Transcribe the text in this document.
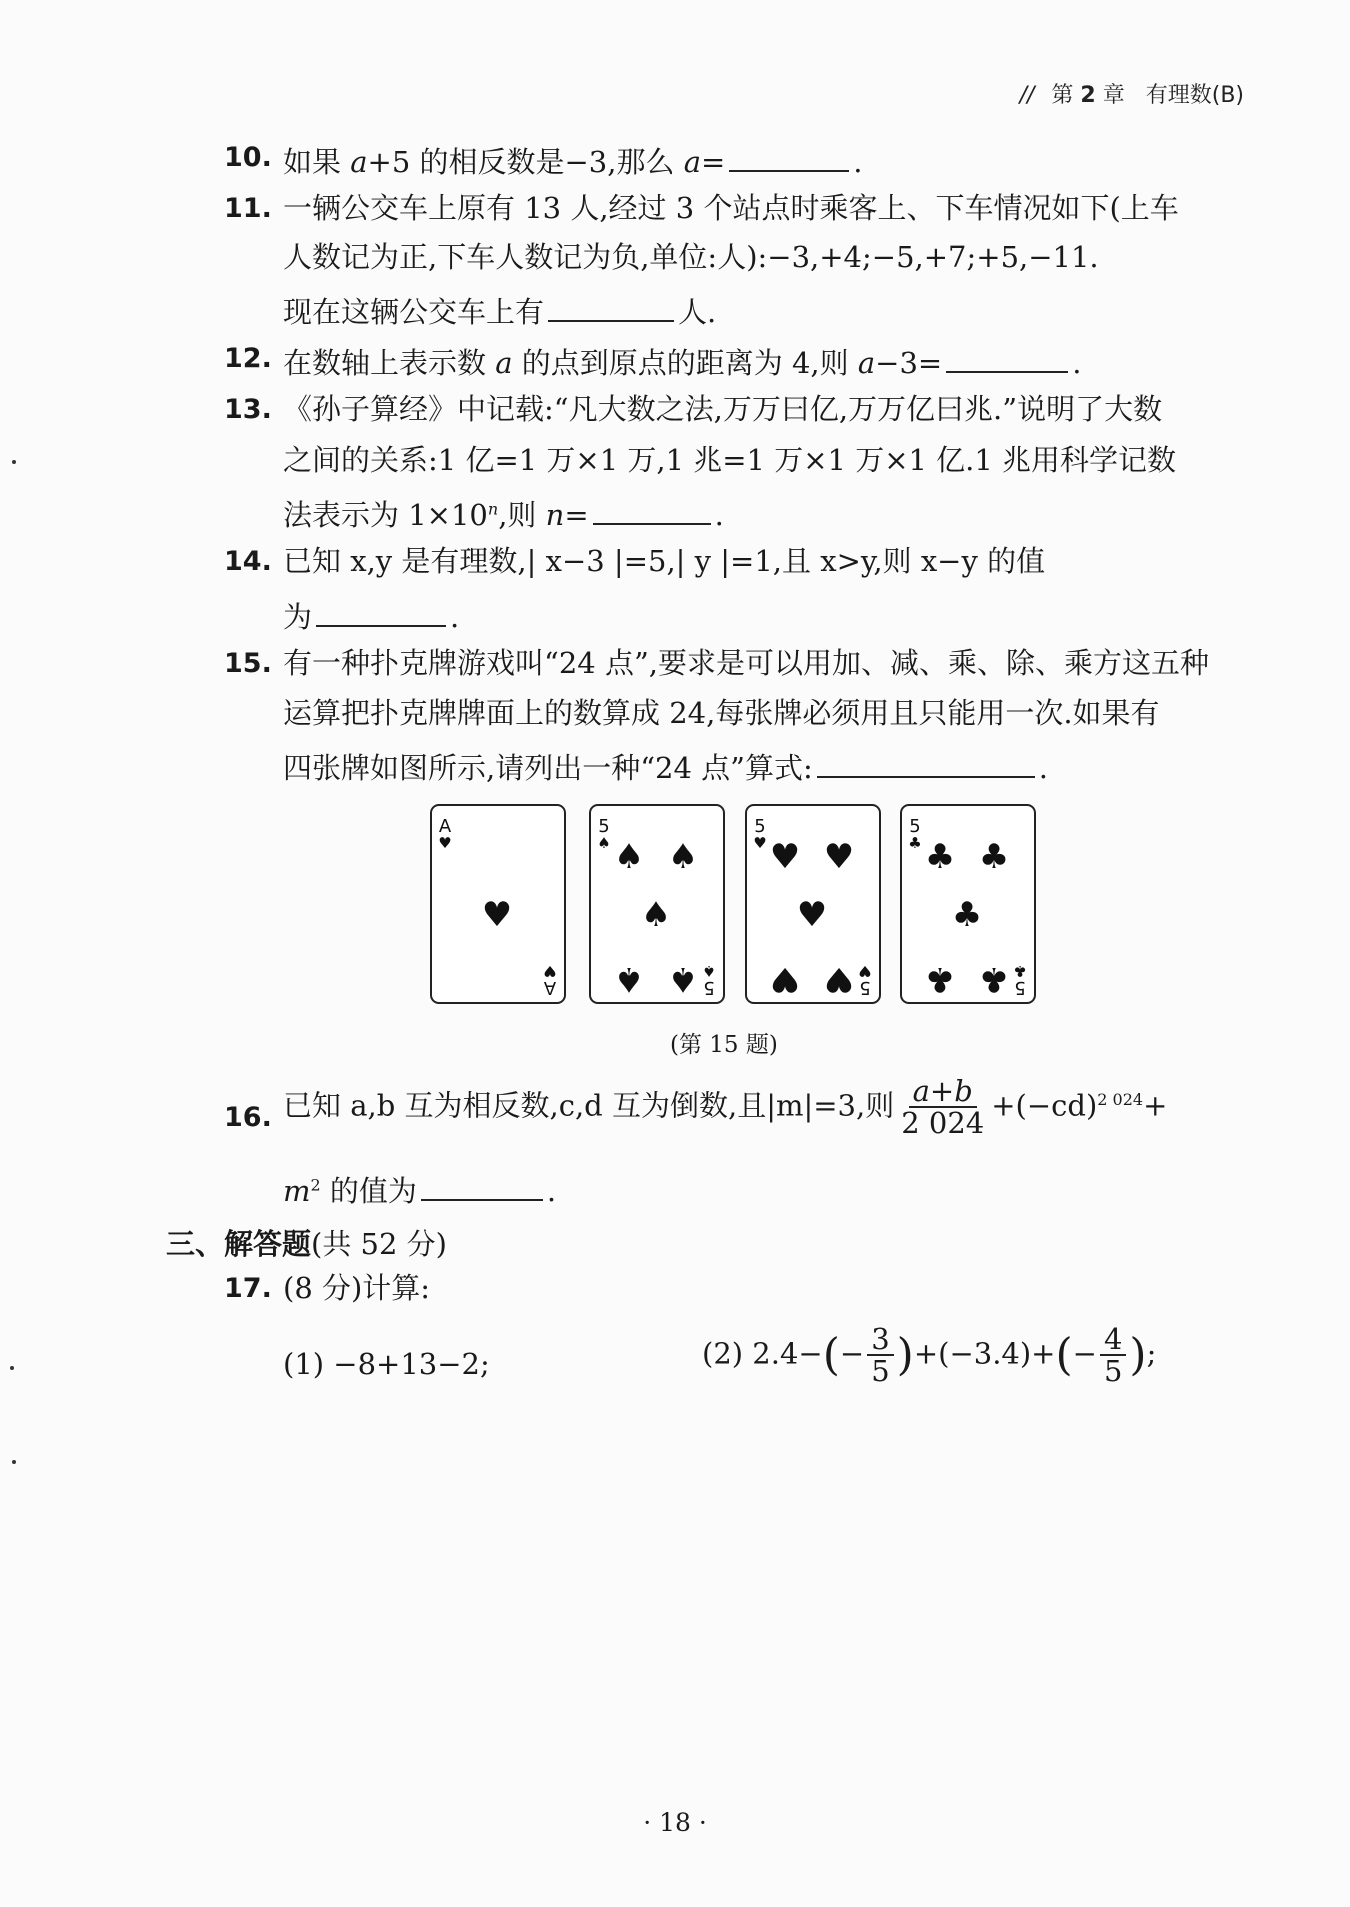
// 第 2 章 有理数(B)
10. 如果 a+5 的相反数是−3,那么 a=	.
11. 一辆公交车上原有 13 人,经过 3 个站点时乘客上、下车情况如下(上车
人数记为正,下车人数记为负,单位:人):−3,+4;−5,+7;+5,−11.
现在这辆公交车上有	人.
12. 在数轴上表示数 a 的点到原点的距离为 4,则 a−3=	.
13. 《孙子算经》中记载:“凡大数之法,万万曰亿,万万亿曰兆.”说明了大数
之间的关系:1 亿=1 万×1 万,1 兆=1 万×1 万×1 亿.1 兆用科学记数
法表示为 $1\times 10^n$,则 n=	.
14. 已知 x,y 是有理数,| x−3 |=5,| y |=1,且 x>y,则 x−y 的值
为	.
15. 有一种扑克牌游戏叫“24 点”,要求是可以用加、减、乘、除、乘方这五种
运算把扑克牌牌面上的数算成 24,每张牌必须用且只能用一次.如果有
四张牌如图所示,请列出一种“24 点”算式:	.
A
♥
A
♥
♥
5
♠
5
♠
♠ ♠
♠
♠ ♠
5
♥
5
♥
♥ ♥
♥
♥ ♥
5
♣
5
♣
♣ ♣
♣
♣ ♣
(第 15 题)
16. 已知 a,b 互为相反数,c,d 互为倒数,且|m|=3,则 $\frac{a+b}{2 024} +(-cd)^{2 024}+$
$m^2$ 的值为	.
三、解答题(共 52 分)
17. (8 分)计算:
(1) −8+13−2;	(2) $2.4-(- \frac{3}{5} )+(-3.4)+(- \frac{4}{5}$ );
· 18 ·
